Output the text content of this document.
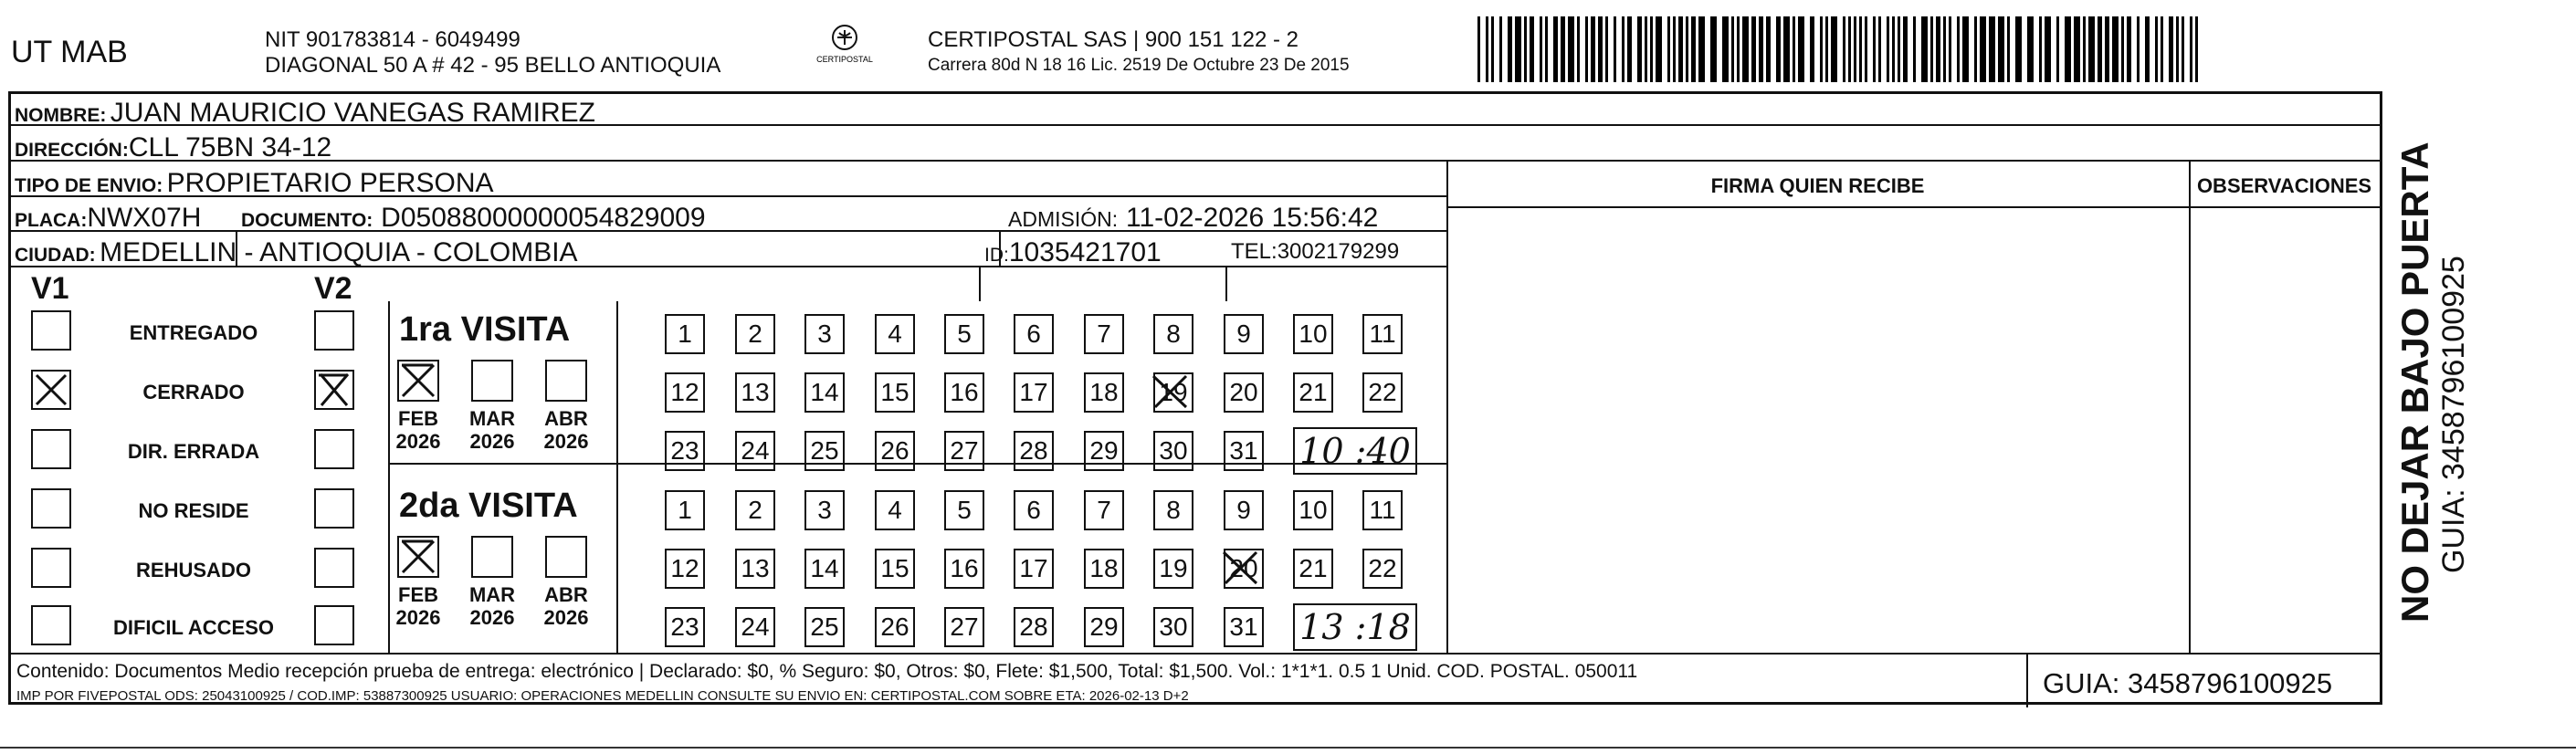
UT MAB	NIT 901783814 - 6049499
DIAGONAL 50 A # 42 - 95 BELLO ANTIOQUIA	CERTIPOSTAL
CERTIPOSTAL SAS | 900 151 122 - 2
Carrera 80d N 18 16 Lic. 2519 De Octubre 23 De 2015
NOMBRE: JUAN MAURICIO VANEGAS RAMIREZ
DIRECCIÓN:CLL 75BN 34-12
TIPO DE ENVIO: PROPIETARIO PERSONA
PLACA:NWX07H DOCUMENTO: D05088000000054829009	ADMISIÓN: 11-02-2026 15:56:42
CIUDAD: MEDELLIN - ANTIOQUIA - COLOMBIA	ID:1035421701	TEL:3002179299
FIRMA QUIEN RECIBE	OBSERVACIONES
V1	V2
ENTREGADO
CERRADO
DIR. ERRADA
NO RESIDE
REHUSADO
DIFICIL ACCESO
1ra VISITA
FEB
2026
MAR
2026
ABR
2026
1	2	3	4	5	6	7	8	9	10 11
12 13 14 15 16 17 18 19 20 21 22
23 24 25 26 27 28 29 30 31 10 :40
2da VISITA
FEB
2026
MAR
2026
ABR
2026
1	2	3	4	5	6	7	8	9	10 11
12 13 14 15 16 17 18 19 20 21 22
23 24 25 26 27 28 29 30 31 13 :18
Contenido: Documentos Medio recepción prueba de entrega: electrónico | Declarado: $0, % Seguro: $0, Otros: $0, Flete: $1,500, Total: $1,500. Vol.: 1*1*1. 0.5 1 Unid. COD. POSTAL. 050011
IMP POR FIVEPOSTAL ODS: 25043100925 / COD.IMP: 53887300925 USUARIO: OPERACIONES MEDELLIN CONSULTE SU ENVIO EN: CERTIPOSTAL.COM SOBRE ETA: 2026-02-13 D+2	GUIA: 3458796100925
NO DEJAR BAJO PUERTA GUIA: 3458796100925
